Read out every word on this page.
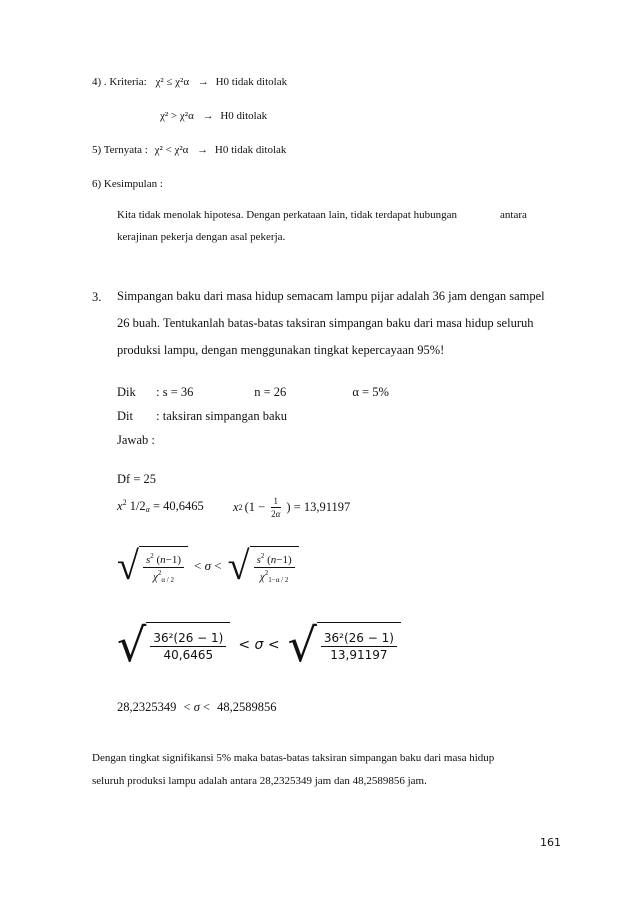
4) . Kriteria: χ² ≤ χ²α → H0 tidak ditolak
χ² > χ²α → H0 ditolak
5) Ternyata : χ² < χ²α → H0 tidak ditolak
6) Kesimpulan :
Kita tidak menolak hipotesa. Dengan perkataan lain, tidak terdapat hubungan	antara
kerajinan pekerja dengan asal pekerja.
3. Simpangan baku dari masa hidup semacam lampu pijar adalah 36 jam dengan sampel
26 buah. Tentukanlah batas-batas taksiran simpangan baku dari masa hidup seluruh
produksi lampu, dengan menggunakan tingkat kepercayaan 95%!
Dik : s = 36	n = 26	α = 5%
Dit : taksiran simpangan baku
Jawab :
Df = 25
$x^2$ $1/2_\alpha = 40,6465$ x 2 ($1 - \frac{1}{2\alpha}$ ) = 13,91197
√ $\frac{s^2 (n-1)}{\chi^2_{\alpha / 2}} < \sigma$ < √ $\frac{s^2 (n-1)}{\chi^2_{1-\alpha / 2}}$
√ $\frac{\text{36²(26 − 1)}}{40,6465} < \sigma$ < √ $\frac{\text{36²(26 − 1)}}{13,91197}$
28,2325349 < σ < 48,2589856
Dengan tingkat signifikansi 5% maka batas-batas taksiran simpangan baku dari masa hidup
seluruh produksi lampu adalah antara 28,2325349 jam dan 48,2589856 jam.
161
